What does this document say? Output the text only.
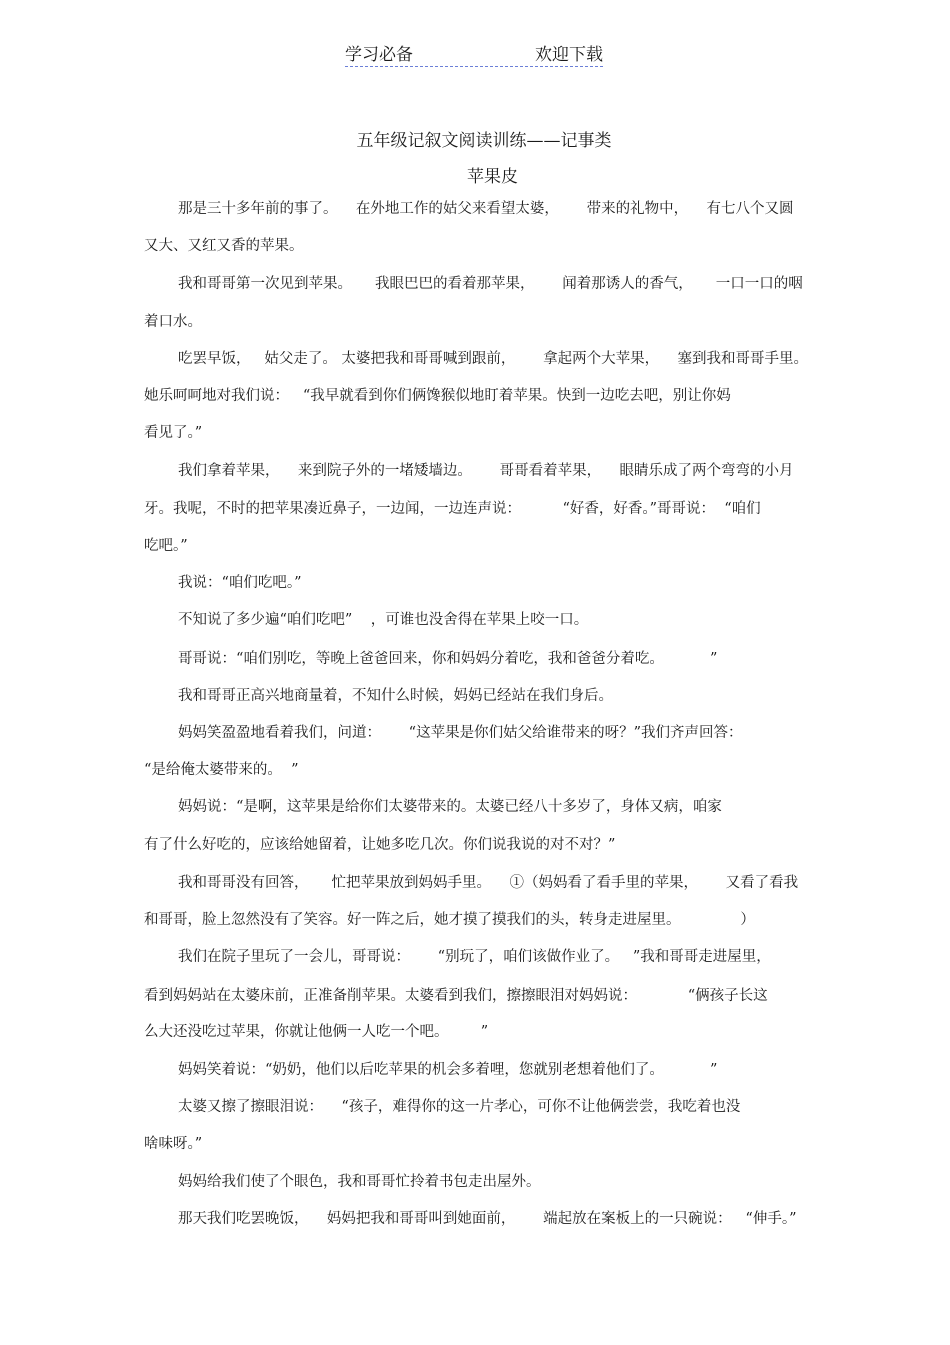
学习必备	欢迎下载
五年级记叙文阅读训练——记事类
苹果皮
那是三十多年前的事了。    在外地工作的姑父来看望太婆，      带来的礼物中，    有七八个又圆
又大、又红又香的苹果。
我和哥哥第一次见到苹果。     我眼巴巴的看着那苹果，      闻着那诱人的香气，     一口一口的咽
着口水。
吃罢早饭，   姑父走了。 太婆把我和哥哥喊到跟前，      拿起两个大苹果，    塞到我和哥哥手里。
她乐呵呵地对我们说：   “我早就看到你们俩馋猴似地盯着苹果。快到一边吃去吧，别让你妈
看见了。”
我们拿着苹果，    来到院子外的一堵矮墙边。      哥哥看着苹果，    眼睛乐成了两个弯弯的小月
牙。我呢，不时的把苹果凑近鼻子，一边闻，一边连声说：         “好香，好香。”哥哥说：  “咱们
吃吧。”
我说：“咱们吃吧。”
不知说了多少遍“咱们吃吧”    ，可谁也没舍得在苹果上咬一口。
哥哥说：“咱们别吃，等晚上爸爸回来，你和妈妈分着吃，我和爸爸分着吃。          ”
我和哥哥正高兴地商量着，不知什么时候，妈妈已经站在我们身后。
妈妈笑盈盈地看着我们，问道：      “这苹果是你们姑父给谁带来的呀？”我们齐声回答：
“是给俺太婆带来的。  ”
妈妈说：“是啊，这苹果是给你们太婆带来的。太婆已经八十多岁了，身体又病，咱家
有了什么好吃的，应该给她留着，让她多吃几次。你们说我说的对不对？”
我和哥哥没有回答，     忙把苹果放到妈妈手里。    ①（妈妈看了看手里的苹果，      又看了看我
和哥哥，脸上忽然没有了笑容。好一阵之后，她才摸了摸我们的头，转身走进屋里。             ）
我们在院子里玩了一会儿，哥哥说：      “别玩了，咱们该做作业了。   ”我和哥哥走进屋里，
看到妈妈站在太婆床前，正准备削苹果。太婆看到我们，擦擦眼泪对妈妈说：           “俩孩子长这
么大还没吃过苹果，你就让他俩一人吃一个吧。       ”
妈妈笑着说：“奶奶，他们以后吃苹果的机会多着哩，您就别老想着他们了。          ”
太婆又擦了擦眼泪说：    “孩子，难得你的这一片孝心，可你不让他俩尝尝，我吃着也没
啥味呀。”
妈妈给我们使了个眼色，我和哥哥忙拎着书包走出屋外。
那天我们吃罢晚饭，    妈妈把我和哥哥叫到她面前，      端起放在案板上的一只碗说：   “伸手。”
